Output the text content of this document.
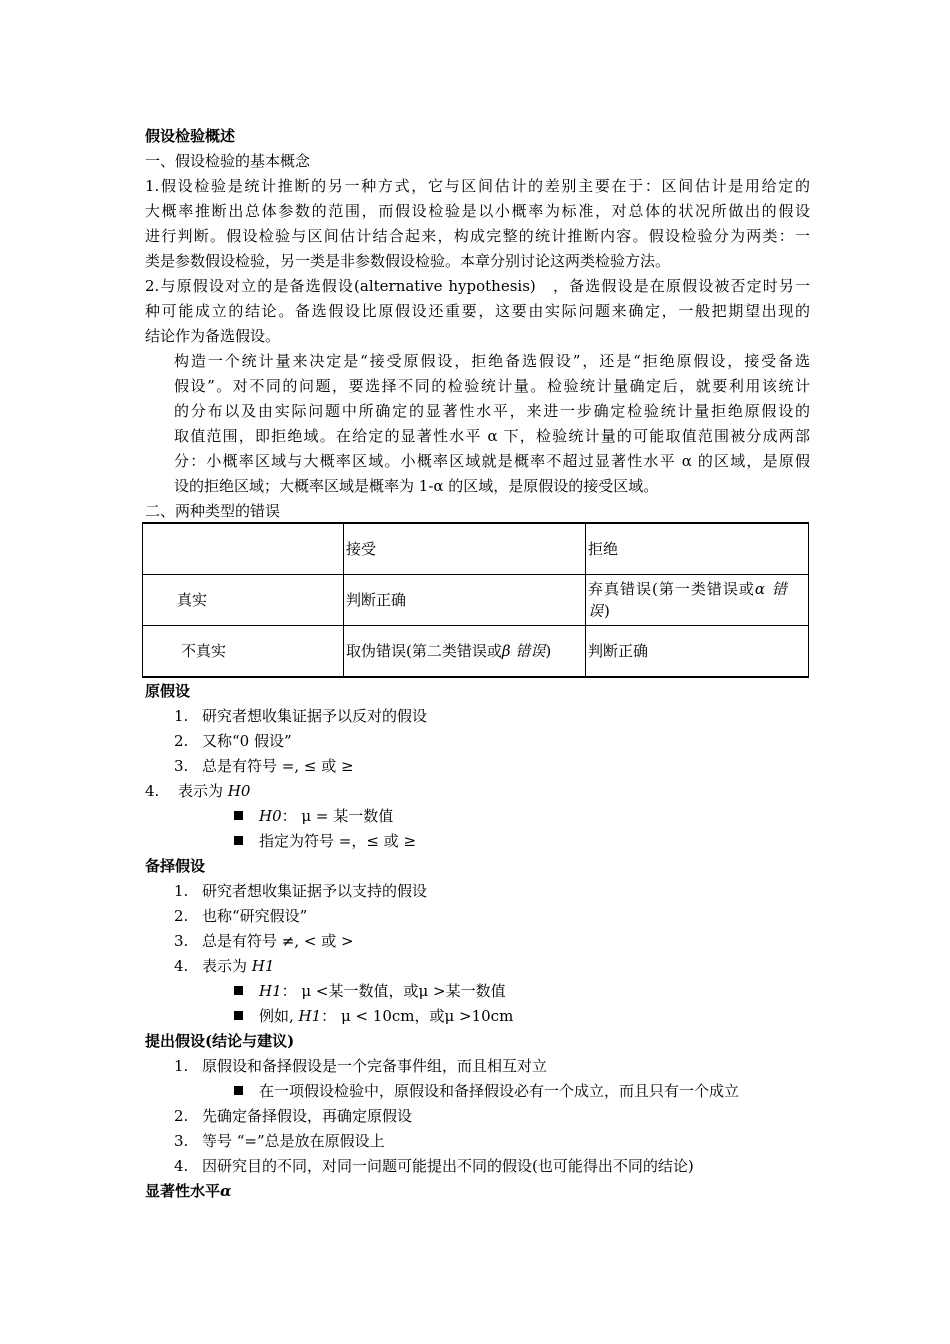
假设检验概述
一、假设检验的基本概念
1.假设检验是统计推断的另一种方式，它与区间估计的差别主要在于：区间估计是用给定的
大概率推断出总体参数的范围，而假设检验是以小概率为标准，对总体的状况所做出的假设
进行判断。假设检验与区间估计结合起来，构成完整的统计推断内容。假设检验分为两类：一
类是参数假设检验，另一类是非参数假设检验。本章分别讨论这两类检验方法。
2.与原假设对立的是备选假设(alternative hypothesis)　，备选假设是在原假设被否定时另一
种可能成立的结论。备选假设比原假设还重要，这要由实际问题来确定，一般把期望出现的
结论作为备选假设。
构造一个统计量来决定是“接受原假设，拒绝备选假设”，还是“拒绝原假设，接受备选
假设”。对不同的问题，要选择不同的检验统计量。检验统计量确定后，就要利用该统计
的分布以及由实际问题中所确定的显著性水平，来进一步确定检验统计量拒绝原假设的
取值范围，即拒绝域。在给定的显著性水平 α 下，检验统计量的可能取值范围被分成两部
分：小概率区域与大概率区域。小概率区域就是概率不超过显著性水平 α 的区域，是原假
设的拒绝区域；大概率区域是概率为 1-α 的区域，是原假设的接受区域。
二、两种类型的错误
	接受	拒绝
真实	判断正确	弃真错误(第一类错误或α 错误)
不真实	取伪错误(第二类错误或β 错误)	判断正确
原假设
1. 研究者想收集证据予以反对的假设
2. 又称“0 假设”
3. 总是有符号 =, ≤ 或 ≥
4. 表示为 H0
H0： μ = 某一数值
指定为符号 =，≤ 或 ≥
备择假设
1. 研究者想收集证据予以支持的假设
2. 也称“研究假设”
3. 总是有符号 ≠, < 或 >
4. 表示为 H1
H1： μ <某一数值，或μ >某一数值
例如, H1： μ < 10cm，或μ >10cm
提出假设(结论与建议)
1. 原假设和备择假设是一个完备事件组，而且相互对立
在一项假设检验中，原假设和备择假设必有一个成立，而且只有一个成立
2. 先确定备择假设，再确定原假设
3. 等号 “=”总是放在原假设上
4. 因研究目的不同，对同一问题可能提出不同的假设(也可能得出不同的结论)
显著性水平α
